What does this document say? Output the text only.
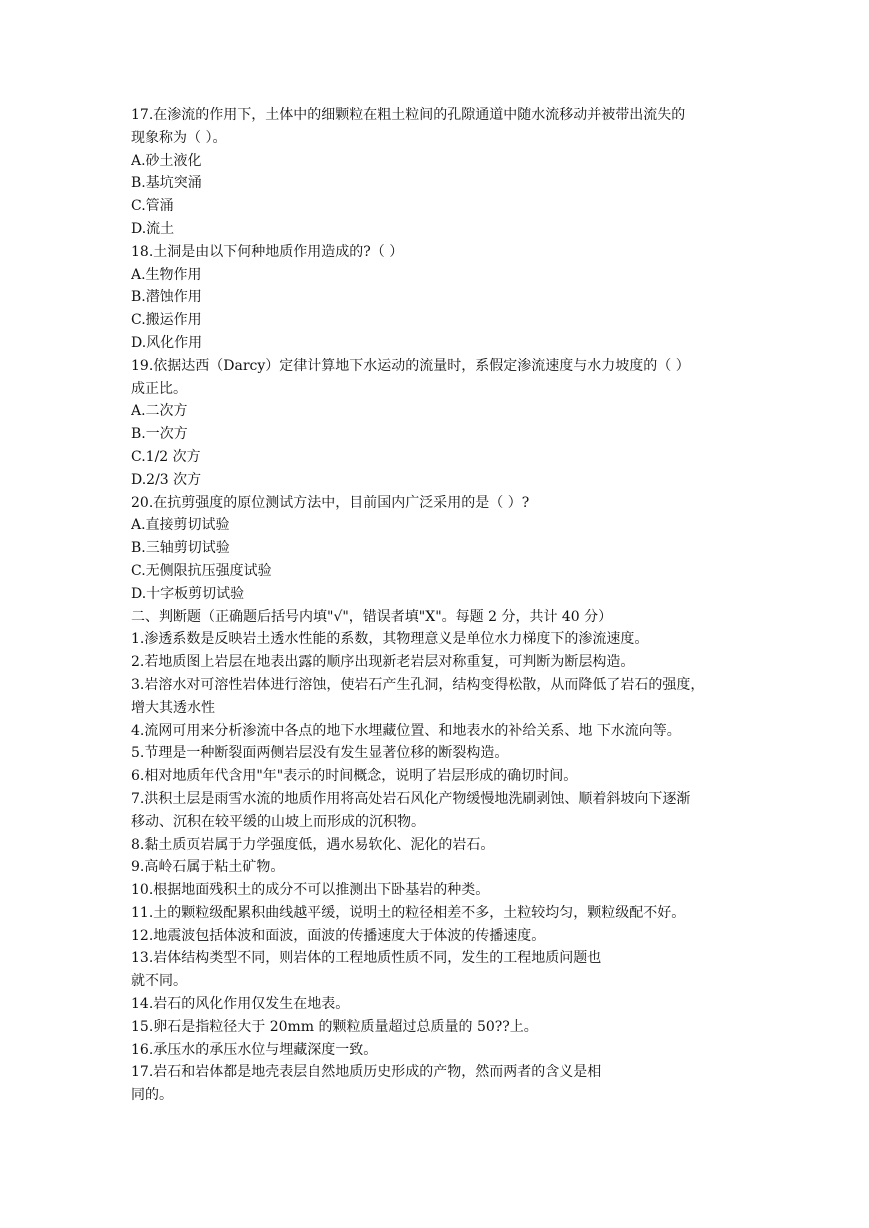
17.在渗流的作用下，土体中的细颗粒在粗土粒间的孔隙通道中随水流移动并被带出流失的
现象称为（ ）。
A.砂土液化
B.基坑突涌
C.管涌
D.流土
18.土洞是由以下何种地质作用造成的?（ ）
A.生物作用
B.潜蚀作用
C.搬运作用
D.风化作用
19.依据达西（Darcy）定律计算地下水运动的流量时，系假定渗流速度与水力坡度的（ ）
成正比。
A.二次方
B.一次方
C.1/2 次方
D.2/3 次方
20.在抗剪强度的原位测试方法中，目前国内广泛采用的是（ ）?
A.直接剪切试验
B.三轴剪切试验
C.无侧限抗压强度试验
D.十字板剪切试验
二、判断题（正确题后括号内填"√"，错误者填"X"。每题 2 分，共计 40 分）
1.渗透系数是反映岩土透水性能的系数，其物理意义是单位水力梯度下的渗流速度。
2.若地质图上岩层在地表出露的顺序出现新老岩层对称重复，可判断为断层构造。
3.岩溶水对可溶性岩体进行溶蚀，使岩石产生孔洞，结构变得松散，从而降低了岩石的强度，
增大其透水性
4.流网可用来分析渗流中各点的地下水埋藏位置、和地表水的补给关系、地 下水流向等。
5.节理是一种断裂面两侧岩层没有发生显著位移的断裂构造。
6.相对地质年代含用"年"表示的时间概念，说明了岩层形成的确切时间。
7.洪积土层是雨雪水流的地质作用将高处岩石风化产物缓慢地洗刷剥蚀、顺着斜坡向下逐渐
移动、沉积在较平缓的山坡上而形成的沉积物。
8.黏土质页岩属于力学强度低，遇水易软化、泥化的岩石。
9.高岭石属于粘土矿物。
10.根据地面残积土的成分不可以推测出下卧基岩的种类。
11.土的颗粒级配累积曲线越平缓，说明土的粒径相差不多，土粒较均匀，颗粒级配不好。
12.地震波包括体波和面波，面波的传播速度大于体波的传播速度。
13.岩体结构类型不同，则岩体的工程地质性质不同，发生的工程地质问题也
就不同。
14.岩石的风化作用仅发生在地表。
15.卵石是指粒径大于 20mm 的颗粒质量超过总质量的 50??上。
16.承压水的承压水位与埋藏深度一致。
17.岩石和岩体都是地壳表层自然地质历史形成的产物，然而两者的含义是相
同的。
